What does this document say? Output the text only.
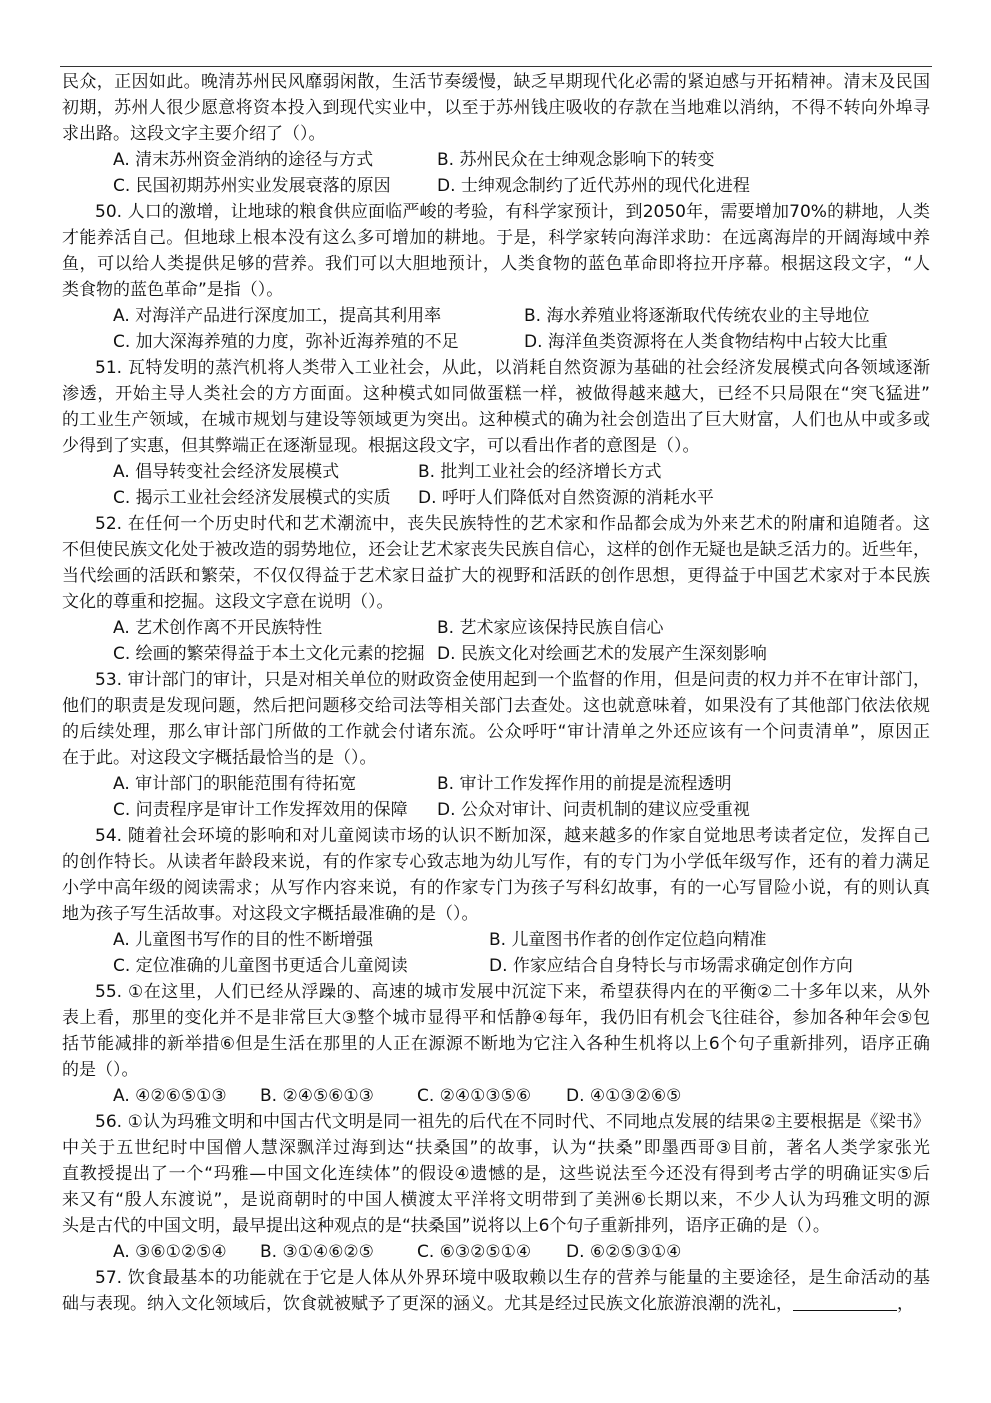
民众，正因如此。晚清苏州民风靡弱闲散，生活节奏缓慢，缺乏早期现代化必需的紧迫感与开拓精神。清末及民国
初期，苏州人很少愿意将资本投入到现代实业中，以至于苏州钱庄吸收的存款在当地难以消纳，不得不转向外埠寻
求出路。这段文字主要介绍了（）。
A. 清末苏州资金消纳的途径与方式	B. 苏州民众在士绅观念影响下的转变
C. 民国初期苏州实业发展衰落的原因	D. 士绅观念制约了近代苏州的现代化进程
50. 人口的激增，让地球的粮食供应面临严峻的考验，有科学家预计，到2050年，需要增加70%的耕地，人类
才能养活自己。但地球上根本没有这么多可增加的耕地。于是，科学家转向海洋求助：在远离海岸的开阔海域中养
鱼，可以给人类提供足够的营养。我们可以大胆地预计，人类食物的蓝色革命即将拉开序幕。根据这段文字，“人
类食物的蓝色革命”是指（）。
A. 对海洋产品进行深度加工，提高其利用率	B. 海水养殖业将逐渐取代传统农业的主导地位
C. 加大深海养殖的力度，弥补近海养殖的不足	D. 海洋鱼类资源将在人类食物结构中占较大比重
51. 瓦特发明的蒸汽机将人类带入工业社会，从此，以消耗自然资源为基础的社会经济发展模式向各领域逐渐
渗透，开始主导人类社会的方方面面。这种模式如同做蛋糕一样，被做得越来越大，已经不只局限在“突飞猛进”
的工业生产领域，在城市规划与建设等领域更为突出。这种模式的确为社会创造出了巨大财富，人们也从中或多或
少得到了实惠，但其弊端正在逐渐显现。根据这段文字，可以看出作者的意图是（）。
A. 倡导转变社会经济发展模式	B. 批判工业社会的经济增长方式
C. 揭示工业社会经济发展模式的实质 D. 呼吁人们降低对自然资源的消耗水平
52. 在任何一个历史时代和艺术潮流中，丧失民族特性的艺术家和作品都会成为外来艺术的附庸和追随者。这
不但使民族文化处于被改造的弱势地位，还会让艺术家丧失民族自信心，这样的创作无疑也是缺乏活力的。近些年，
当代绘画的活跃和繁荣，不仅仅得益于艺术家日益扩大的视野和活跃的创作思想，更得益于中国艺术家对于本民族
文化的尊重和挖掘。这段文字意在说明（）。
A. 艺术创作离不开民族特性	B. 艺术家应该保持民族自信心
C. 绘画的繁荣得益于本土文化元素的挖掘 D. 民族文化对绘画艺术的发展产生深刻影响
53. 审计部门的审计，只是对相关单位的财政资金使用起到一个监督的作用，但是问责的权力并不在审计部门，
他们的职责是发现问题，然后把问题移交给司法等相关部门去查处。这也就意味着，如果没有了其他部门依法依规
的后续处理，那么审计部门所做的工作就会付诸东流。公众呼吁“审计清单之外还应该有一个问责清单”，原因正
在于此。对这段文字概括最恰当的是（）。
A. 审计部门的职能范围有待拓宽	B. 审计工作发挥作用的前提是流程透明
C. 问责程序是审计工作发挥效用的保障 D. 公众对审计、问责机制的建议应受重视
54. 随着社会环境的影响和对儿童阅读市场的认识不断加深，越来越多的作家自觉地思考读者定位，发挥自己
的创作特长。从读者年龄段来说，有的作家专心致志地为幼儿写作，有的专门为小学低年级写作，还有的着力满足
小学中高年级的阅读需求；从写作内容来说，有的作家专门为孩子写科幻故事，有的一心写冒险小说，有的则认真
地为孩子写生活故事。对这段文字概括最准确的是（）。
A. 儿童图书写作的目的性不断增强	B. 儿童图书作者的创作定位趋向精准
C. 定位准确的儿童图书更适合儿童阅读	D. 作家应结合自身特长与市场需求确定创作方向
55. ①在这里，人们已经从浮躁的、高速的城市发展中沉淀下来，希望获得内在的平衡②二十多年以来，从外
表上看，那里的变化并不是非常巨大③整个城市显得平和恬静④每年，我仍旧有机会飞往硅谷，参加各种年会⑤包
括节能减排的新举措⑥但是生活在那里的人正在源源不断地为它注入各种生机将以上6个句子重新排列，语序正确
的是（）。
A. ④②⑥⑤①③ B. ②④⑤⑥①③	C. ②④①③⑤⑥ D. ④①③②⑥⑤
56. ①认为玛雅文明和中国古代文明是同一祖先的后代在不同时代、不同地点发展的结果②主要根据是《梁书》
中关于五世纪时中国僧人慧深飘洋过海到达“扶桑国”的故事，认为“扶桑”即墨西哥③目前，著名人类学家张光
直教授提出了一个“玛雅—中国文化连续体”的假设④遗憾的是，这些说法至今还没有得到考古学的明确证实⑤后
来又有“殷人东渡说”，是说商朝时的中国人横渡太平洋将文明带到了美洲⑥长期以来，不少人认为玛雅文明的源
头是古代的中国文明，最早提出这种观点的是“扶桑国”说将以上6个句子重新排列，语序正确的是（）。
A. ③⑥①②⑤④ B. ③①④⑥②⑤	C. ⑥③②⑤①④ D. ⑥②⑤③①④
57. 饮食最基本的功能就在于它是人体从外界环境中吸取赖以生存的营养与能量的主要途径，是生命活动的基
础与表现。纳入文化领域后，饮食就被赋予了更深的涵义。尤其是经过民族文化旅游浪潮的洗礼，	，
